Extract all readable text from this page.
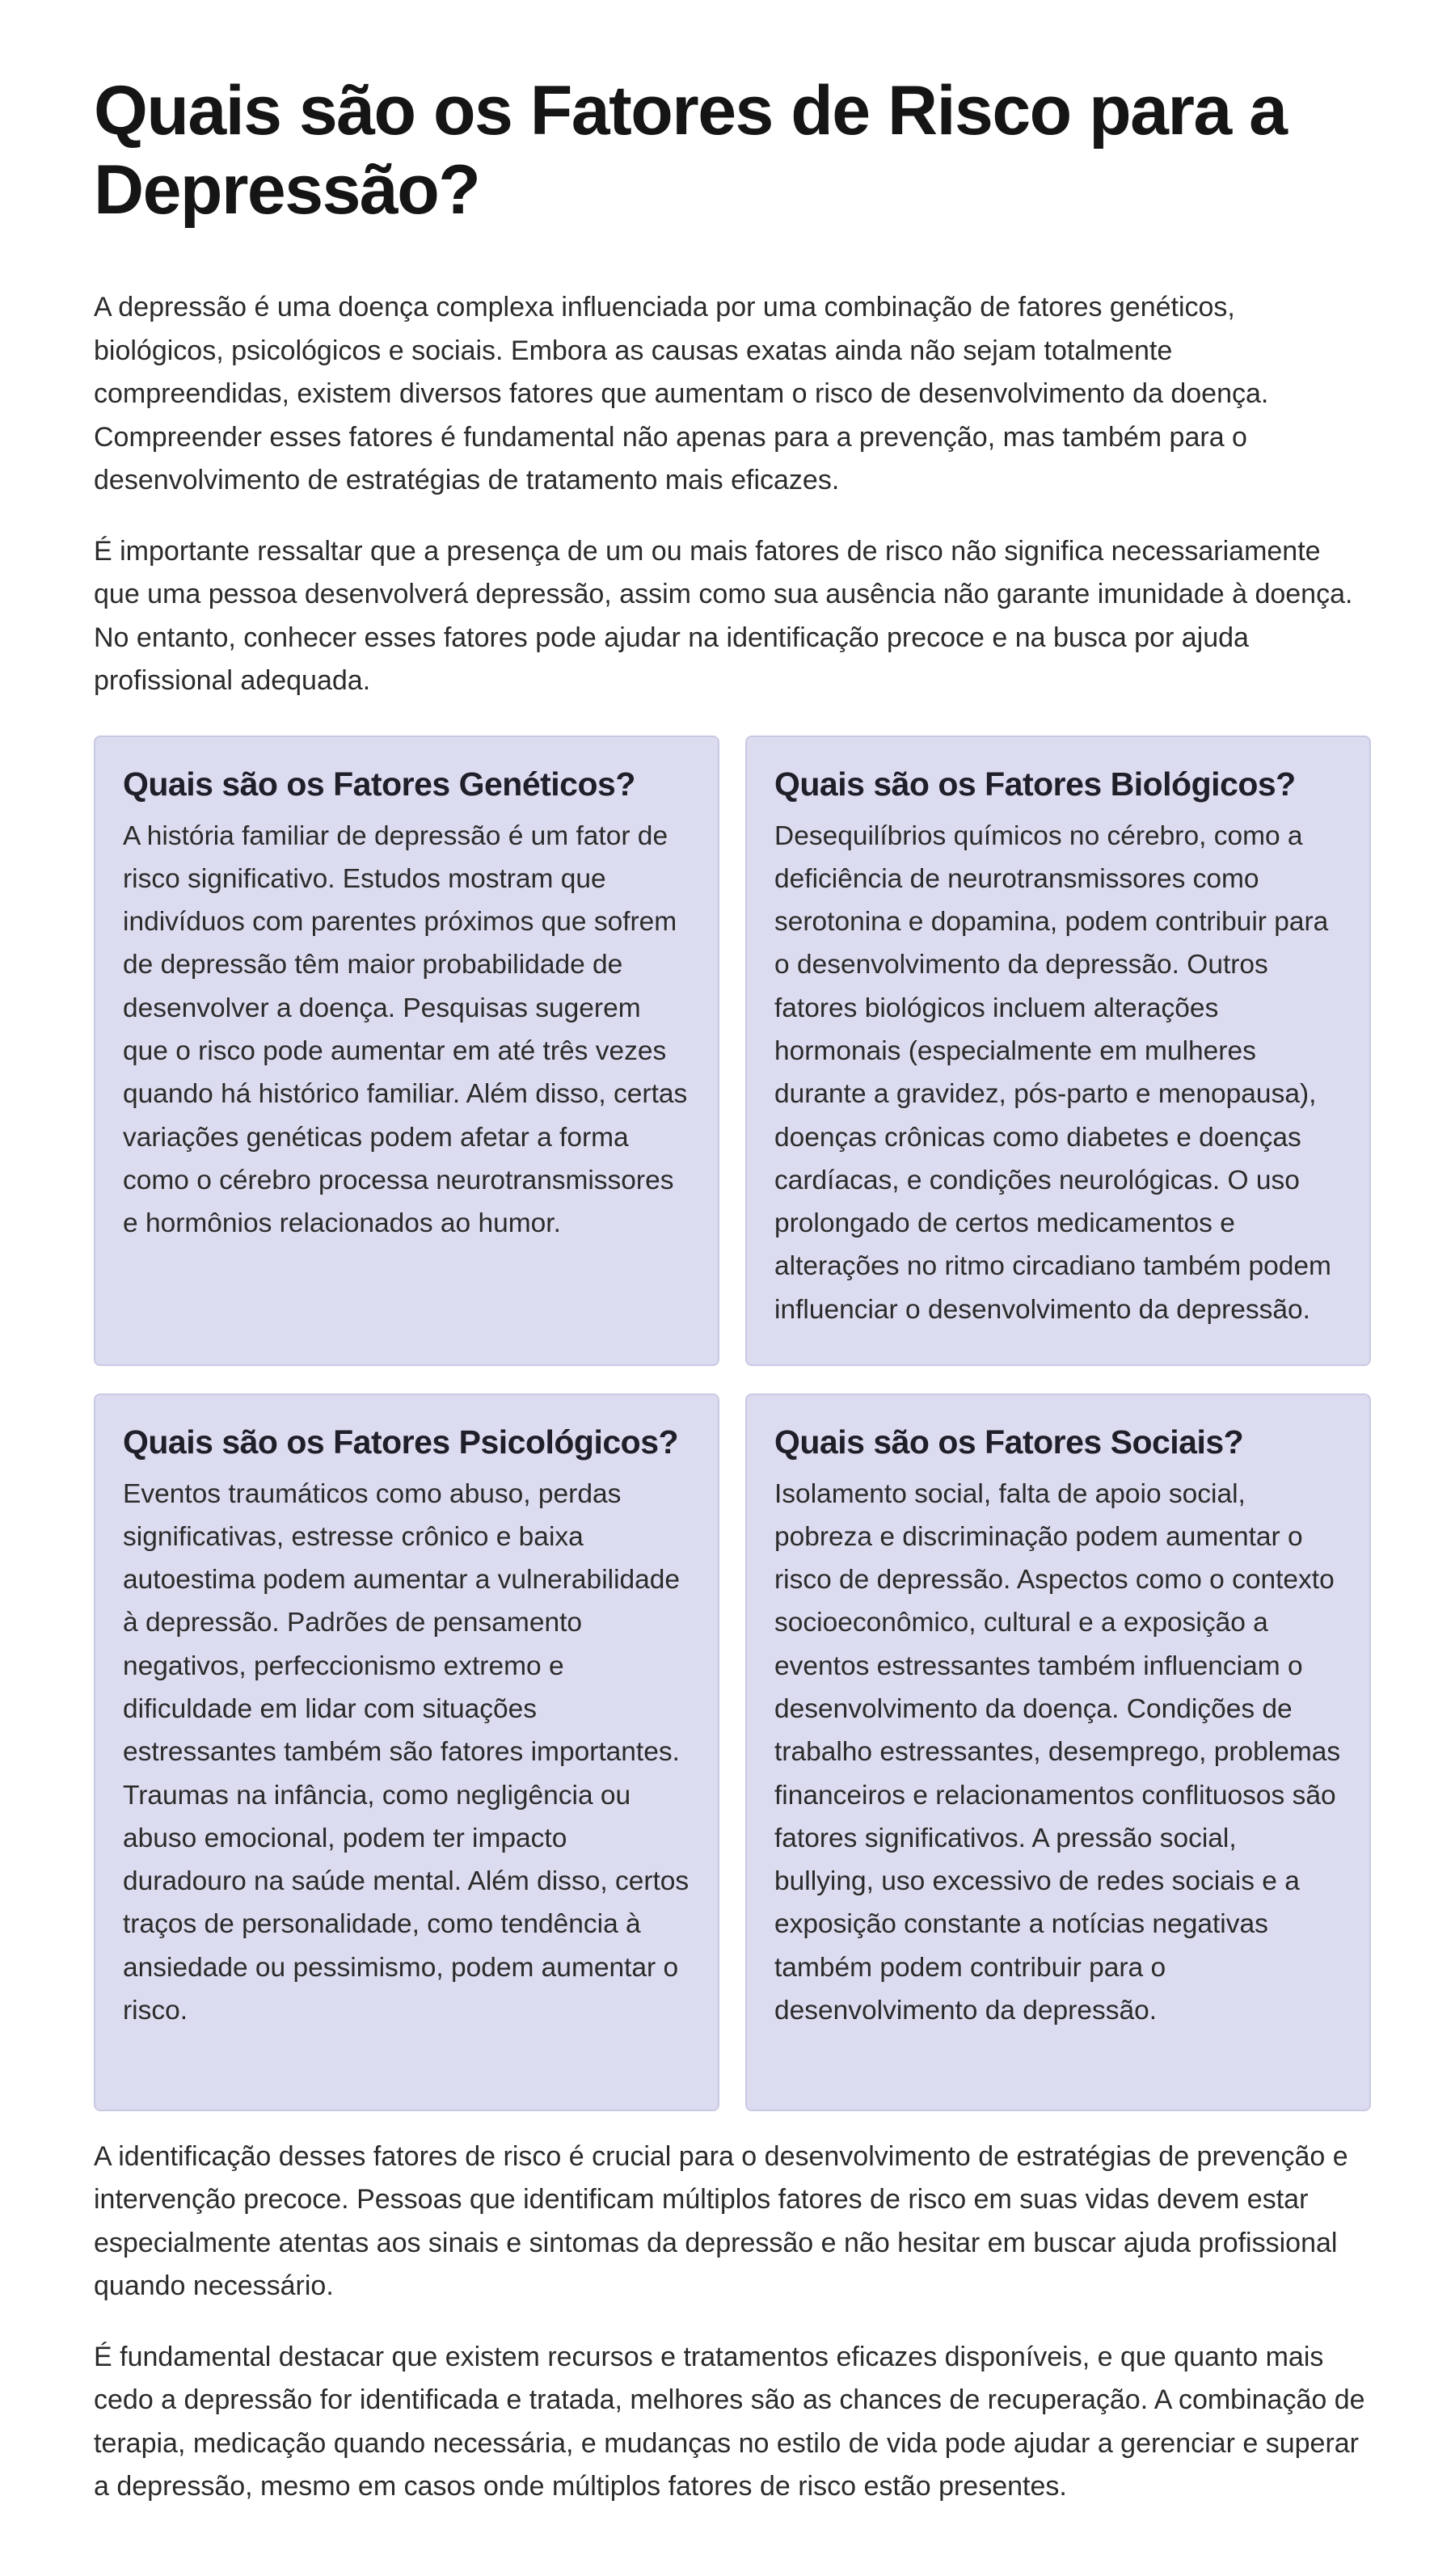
Quais são os Fatores de Risco para a Depressão?

A depressão é uma doença complexa influenciada por uma combinação de fatores genéticos, biológicos, psicológicos e sociais. Embora as causas exatas ainda não sejam totalmente compreendidas, existem diversos fatores que aumentam o risco de desenvolvimento da doença. Compreender esses fatores é fundamental não apenas para a prevenção, mas também para o desenvolvimento de estratégias de tratamento mais eficazes.

É importante ressaltar que a presença de um ou mais fatores de risco não significa necessariamente que uma pessoa desenvolverá depressão, assim como sua ausência não garante imunidade à doença. No entanto, conhecer esses fatores pode ajudar na identificação precoce e na busca por ajuda profissional adequada.

Quais são os Fatores Genéticos?

A história familiar de depressão é um fator de risco significativo. Estudos mostram que indivíduos com parentes próximos que sofrem de depressão têm maior probabilidade de desenvolver a doença. Pesquisas sugerem que o risco pode aumentar em até três vezes quando há histórico familiar. Além disso, certas variações genéticas podem afetar a forma como o cérebro processa neurotransmissores e hormônios relacionados ao humor.

Quais são os Fatores Biológicos?

Desequilíbrios químicos no cérebro, como a deficiência de neurotransmissores como serotonina e dopamina, podem contribuir para o desenvolvimento da depressão. Outros fatores biológicos incluem alterações hormonais (especialmente em mulheres durante a gravidez, pós-parto e menopausa), doenças crônicas como diabetes e doenças cardíacas, e condições neurológicas. O uso prolongado de certos medicamentos e alterações no ritmo circadiano também podem influenciar o desenvolvimento da depressão.

Quais são os Fatores Psicológicos?

Eventos traumáticos como abuso, perdas significativas, estresse crônico e baixa autoestima podem aumentar a vulnerabilidade à depressão. Padrões de pensamento negativos, perfeccionismo extremo e dificuldade em lidar com situações estressantes também são fatores importantes. Traumas na infância, como negligência ou abuso emocional, podem ter impacto duradouro na saúde mental. Além disso, certos traços de personalidade, como tendência à ansiedade ou pessimismo, podem aumentar o risco.

Quais são os Fatores Sociais?

Isolamento social, falta de apoio social, pobreza e discriminação podem aumentar o risco de depressão. Aspectos como o contexto socioeconômico, cultural e a exposição a eventos estressantes também influenciam o desenvolvimento da doença. Condições de trabalho estressantes, desemprego, problemas financeiros e relacionamentos conflituosos são fatores significativos. A pressão social, bullying, uso excessivo de redes sociais e a exposição constante a notícias negativas também podem contribuir para o desenvolvimento da depressão.

A identificação desses fatores de risco é crucial para o desenvolvimento de estratégias de prevenção e intervenção precoce. Pessoas que identificam múltiplos fatores de risco em suas vidas devem estar especialmente atentas aos sinais e sintomas da depressão e não hesitar em buscar ajuda profissional quando necessário.

É fundamental destacar que existem recursos e tratamentos eficazes disponíveis, e que quanto mais cedo a depressão for identificada e tratada, melhores são as chances de recuperação. A combinação de terapia, medicação quando necessária, e mudanças no estilo de vida pode ajudar a gerenciar e superar a depressão, mesmo em casos onde múltiplos fatores de risco estão presentes.
